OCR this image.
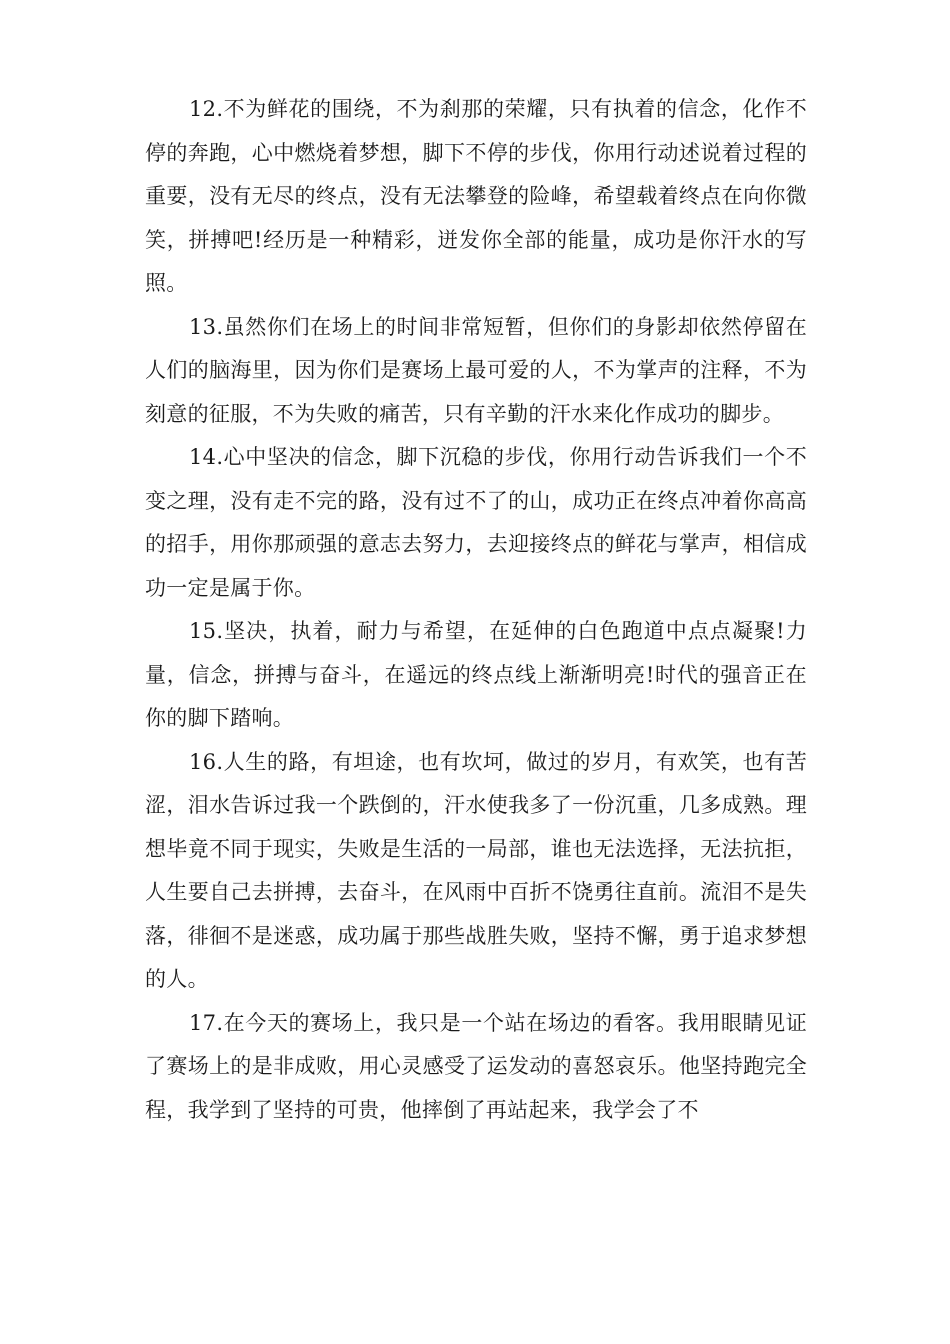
12.不为鲜花的围绕，不为刹那的荣耀，只有执着的信念，化作不停的奔跑，心中燃烧着梦想，脚下不停的步伐，你用行动述说着过程的重要，没有无尽的终点，没有无法攀登的险峰，希望载着终点在向你微笑，拼搏吧!经历是一种精彩，迸发你全部的能量，成功是你汗水的写照。

13.虽然你们在场上的时间非常短暂，但你们的身影却依然停留在人们的脑海里，因为你们是赛场上最可爱的人，不为掌声的注释，不为刻意的征服，不为失败的痛苦，只有辛勤的汗水来化作成功的脚步。

14.心中坚决的信念，脚下沉稳的步伐，你用行动告诉我们一个不变之理，没有走不完的路，没有过不了的山，成功正在终点冲着你高高的招手，用你那顽强的意志去努力，去迎接终点的鲜花与掌声，相信成功一定是属于你。

15.坚决，执着，耐力与希望，在延伸的白色跑道中点点凝聚!力量，信念，拼搏与奋斗，在遥远的终点线上渐渐明亮!时代的强音正在你的脚下踏响。

16.人生的路，有坦途，也有坎坷，做过的岁月，有欢笑，也有苦涩，泪水告诉过我一个跌倒的，汗水使我多了一份沉重，几多成熟。理想毕竟不同于现实，失败是生活的一局部，谁也无法选择，无法抗拒，人生要自己去拼搏，去奋斗，在风雨中百折不饶勇往直前。流泪不是失落，徘徊不是迷惑，成功属于那些战胜失败，坚持不懈，勇于追求梦想的人。

17.在今天的赛场上，我只是一个站在场边的看客。我用眼睛见证了赛场上的是非成败，用心灵感受了运发动的喜怒哀乐。他坚持跑完全程，我学到了坚持的可贵，他摔倒了再站起来，我学会了不
